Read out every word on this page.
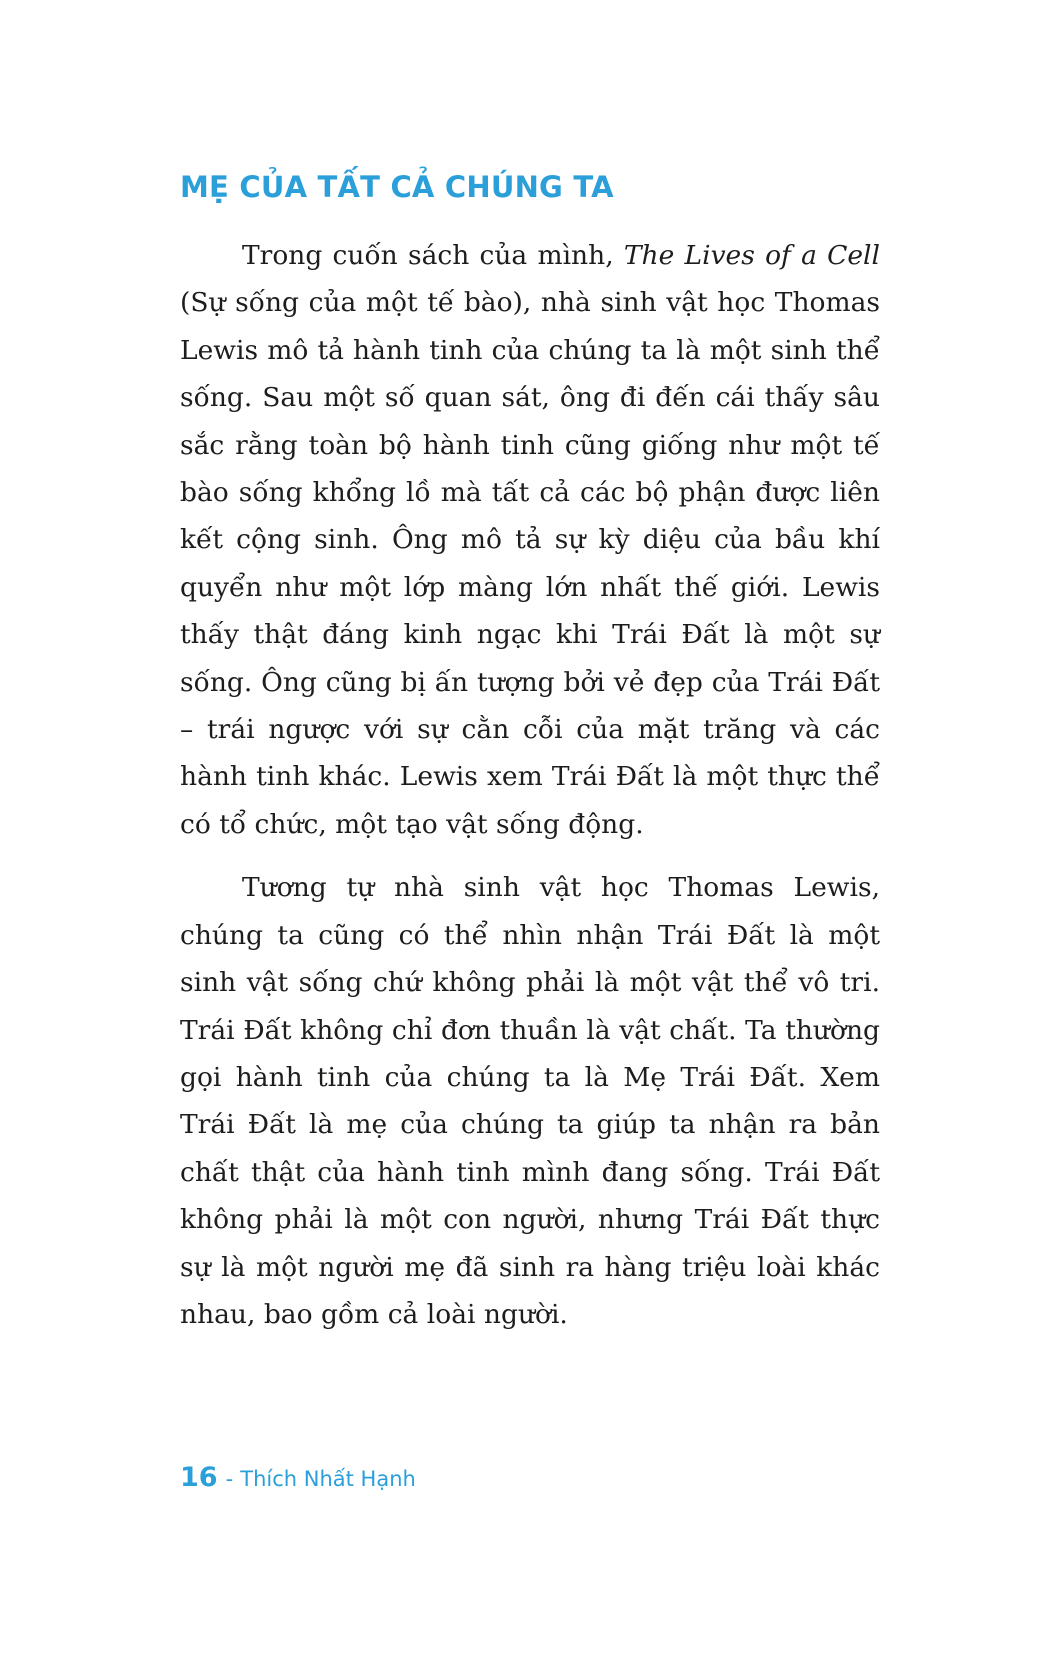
MẸ CỦA TẤT CẢ CHÚNG TA

Trong cuốn sách của mình, The Lives of a Cell (Sự sống của một tế bào), nhà sinh vật học Thomas Lewis mô tả hành tinh của chúng ta là một sinh thể sống. Sau một số quan sát, ông đi đến cái thấy sâu sắc rằng toàn bộ hành tinh cũng giống như một tế bào sống khổng lồ mà tất cả các bộ phận được liên kết cộng sinh. Ông mô tả sự kỳ diệu của bầu khí quyển như một lớp màng lớn nhất thế giới. Lewis thấy thật đáng kinh ngạc khi Trái Đất là một sự sống. Ông cũng bị ấn tượng bởi vẻ đẹp của Trái Đất – trái ngược với sự cằn cỗi của mặt trăng và các hành tinh khác. Lewis xem Trái Đất là một thực thể có tổ chức, một tạo vật sống động.

Tương tự nhà sinh vật học Thomas Lewis, chúng ta cũng có thể nhìn nhận Trái Đất là một sinh vật sống chứ không phải là một vật thể vô tri. Trái Đất không chỉ đơn thuần là vật chất. Ta thường gọi hành tinh của chúng ta là Mẹ Trái Đất. Xem Trái Đất là mẹ của chúng ta giúp ta nhận ra bản chất thật của hành tinh mình đang sống. Trái Đất không phải là một con người, nhưng Trái Đất thực sự là một người mẹ đã sinh ra hàng triệu loài khác nhau, bao gồm cả loài người.

16 - Thích Nhất Hạnh
